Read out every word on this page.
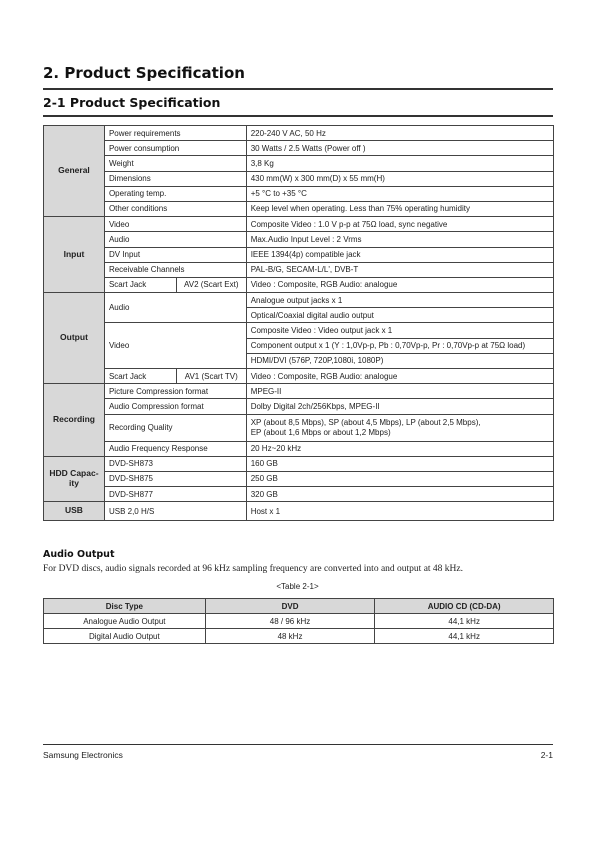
2. Product Specification
2-1 Product Specification
General	Power requirements		220-240 V AC, 50 Hz
	Power consumption		30 Watts / 2.5 Watts (Power off )
	Weight		3,8 Kg
	Dimensions		430 mm(W) x 300 mm(D) x 55 mm(H)
	Operating temp.		+5 °C to +35 °C
	Other conditions		Keep level when operating. Less than 75% operating humidity
Input	Video		Composite Video : 1.0 V p-p at 75Ω load, sync negative
	Audio		Max.Audio Input Level : 2 Vrms
	DV Input		IEEE 1394(4p) compatible jack
	Receivable Channels		PAL-B/G, SECAM-L/L', DVB-T
	Scart Jack	AV2 (Scart Ext)	Video : Composite, RGB Audio: analogue
Output	Audio		Analogue output jacks x 1
			Optical/Coaxial digital audio output
	Video		Composite Video : Video output jack x 1
			Component output x 1 (Y : 1,0Vp-p, Pb : 0,70Vp-p, Pr : 0,70Vp-p at 75Ω load)
			HDMI/DVI (576P, 720P,1080i, 1080P)
	Scart Jack	AV1 (Scart TV)	Video : Composite, RGB Audio: analogue
Recording	Picture Compression format		MPEG-II
	Audio Compression format		Dolby Digital 2ch/256Kbps, MPEG-II
	Recording Quality		XP (about 8,5 Mbps), SP (about 4,5 Mbps), LP (about 2,5 Mbps),
EP (about 1,6 Mbps or about 1,2 Mbps)

	Audio Frequency Response		20 Hz~20 kHz

HDD Capac-
ity	DVD-SH873		160 GB
	DVD-SH875		250 GB
	DVD-SH877		320 GB
USB	USB 2,0 H/S		Host x 1
Audio Output
For DVD discs, audio signals recorded at 96 kHz sampling frequency are converted into and output at 48 kHz.
<Table 2-1>
Disc Type	DVD	AUDIO CD (CD-DA)
Analogue Audio Output	48 / 96 kHz	44,1 kHz
Digital Audio Output	48 kHz	44,1 kHz
Samsung Electronics	2-1
